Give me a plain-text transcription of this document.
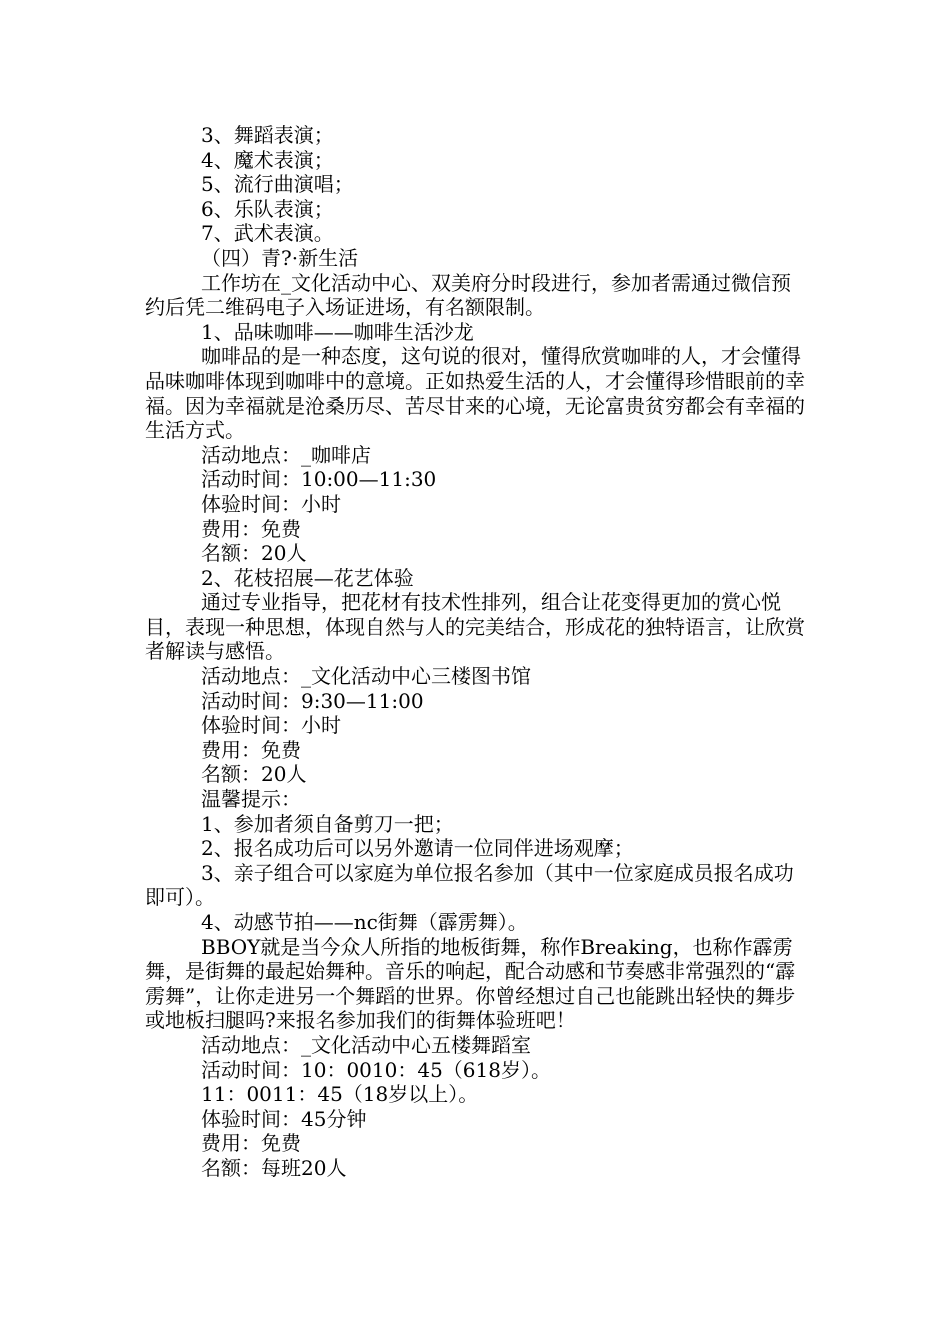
3、舞蹈表演；

4、魔术表演；

5、流行曲演唱；

6、乐队表演；

7、武术表演。

（四）青?·新生活

工作坊在_文化活动中心、双美府分时段进行，参加者需通过微信预约后凭二维码电子入场证进场，有名额限制。

1、品味咖啡——咖啡生活沙龙

咖啡品的是一种态度，这句说的很对，懂得欣赏咖啡的人，才会懂得品味咖啡体现到咖啡中的意境。正如热爱生活的人，才会懂得珍惜眼前的幸福。因为幸福就是沧桑历尽、苦尽甘来的心境，无论富贵贫穷都会有幸福的生活方式。

活动地点：_咖啡店

活动时间：10:00—11:30

体验时间：小时

费用：免费

名额：20人

2、花枝招展—花艺体验

通过专业指导，把花材有技术性排列，组合让花变得更加的赏心悦目，表现一种思想，体现自然与人的完美结合，形成花的独特语言，让欣赏者解读与感悟。

活动地点：_文化活动中心三楼图书馆

活动时间：9:30—11:00

体验时间：小时

费用：免费

名额：20人

温馨提示：

1、参加者须自备剪刀一把；

2、报名成功后可以另外邀请一位同伴进场观摩；

3、亲子组合可以家庭为单位报名参加（其中一位家庭成员报名成功即可）。

4、动感节拍——nc街舞（霹雳舞）。

BBOY就是当今众人所指的地板街舞，称作Breaking，也称作霹雳舞，是街舞的最起始舞种。音乐的响起，配合动感和节奏感非常强烈的“霹雳舞”，让你走进另一个舞蹈的世界。你曾经想过自己也能跳出轻快的舞步或地板扫腿吗?来报名参加我们的街舞体验班吧！

活动地点：_文化活动中心五楼舞蹈室

活动时间：10：0010：45（618岁）。

11：0011：45（18岁以上）。

体验时间：45分钟

费用：免费

名额：每班20人
